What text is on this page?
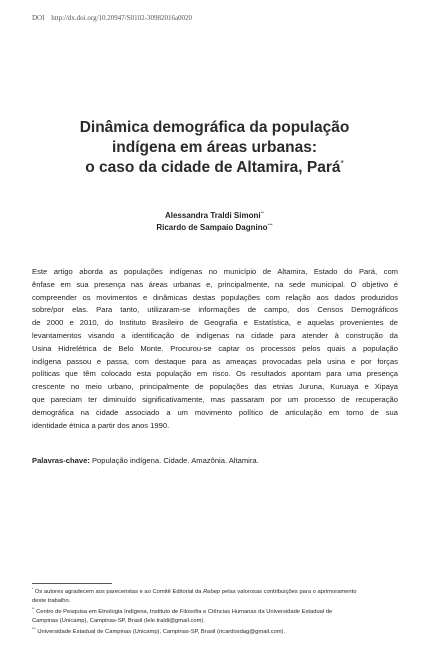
DOI http://dx.doi.org/10.20947/S0102-30982016a0020
Dinâmica demográfica da população
indígena em áreas urbanas:
o caso da cidade de Altamira, Pará*
Alessandra Traldi Simoni**
Ricardo de Sampaio Dagnino***
Este artigo aborda as populações indígenas no município de Altamira, Estado do Pará, com
ênfase em sua presença nas áreas urbanas e, principalmente, na sede municipal. O objetivo é
compreender os movimentos e dinâmicas destas populações com relação aos dados produzidos
sobre/por elas. Para tanto, utilizaram-se informações de campo, dos Censos Demográficos
de 2000 e 2010, do Instituto Brasileiro de Geografia e Estatística, e aquelas provenientes de
levantamentos visando a identificação de indígenas na cidade para atender à construção da
Usina Hidrelétrica de Belo Monte. Procurou-se captar os processos pelos quais a população
indígena passou e passa, com destaque para as ameaças provocadas pela usina e por forças
políticas que têm colocado esta população em risco. Os resultados apontam para uma presença
crescente no meio urbano, principalmente de populações das etnias Juruna, Kuruaya e Xipaya
que pareciam ter diminuído significativamente, mas passaram por um processo de recuperação
demográfica na cidade associado a um movimento político de articulação em torno de sua
identidade étnica a partir dos anos 1990.
Palavras-chave: População indígena. Cidade. Amazônia. Altamira.
* Os autores agradecem aos pareceristas e ao Comitê Editorial da Rebep pelas valorosas contribuições para o aprimoramento
deste trabalho.
** Centro de Pesquisa em Etnologia Indígena, Instituto de Filosofia e Ciências Humanas da Universidade Estadual de
Campinas (Unicamp), Campinas-SP, Brasil (lele.traldi@gmail.com).
*** Universidade Estadual de Campinas (Unicamp), Campinas-SP, Brasil (ricardosdag@gmail.com).
